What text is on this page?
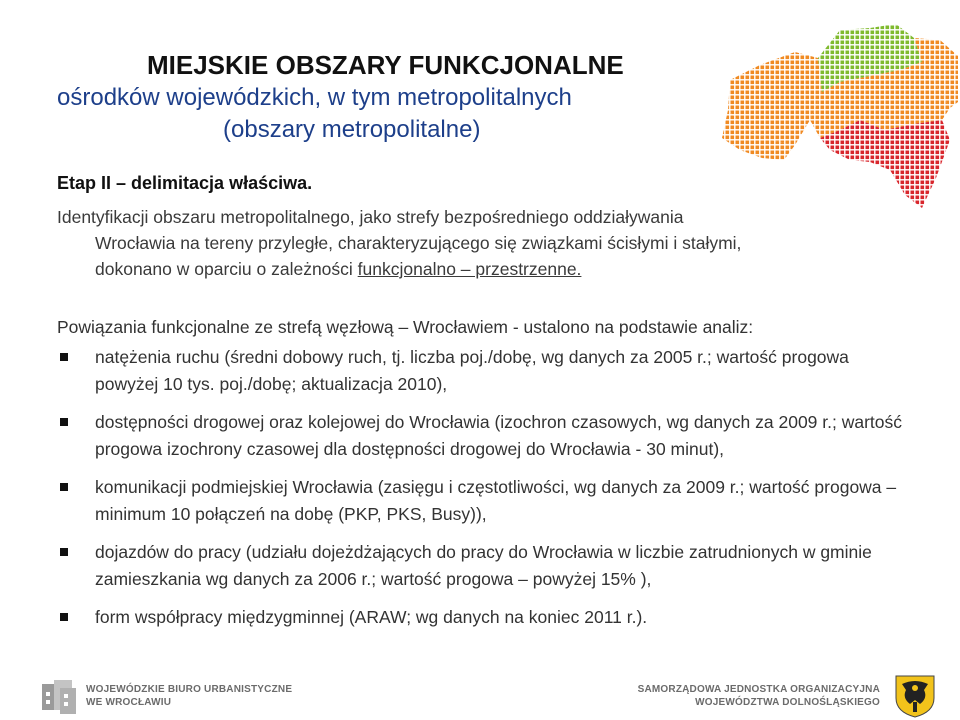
MIEJSKIE OBSZARY FUNKCJONALNE
ośrodków wojewódzkich, w tym metropolitalnych
(obszary metropolitalne)
Etap II – delimitacja właściwa.
Identyfikacji obszaru metropolitalnego, jako strefy bezpośredniego oddziaływania
Wrocławia na tereny przyległe, charakteryzującego się związkami ścisłymi i stałymi,
dokonano w oparciu o zależności funkcjonalno – przestrzenne.
Powiązania funkcjonalne ze strefą węzłową – Wrocławiem - ustalono na podstawie analiz:
natężenia ruchu (średni dobowy ruch, tj. liczba poj./dobę, wg danych za 2005 r.; wartość progowa powyżej 10 tys. poj./dobę; aktualizacja 2010),
dostępności drogowej oraz kolejowej do Wrocławia (izochron czasowych, wg danych za 2009 r.; wartość progowa izochrony czasowej dla dostępności drogowej do Wrocławia - 30 minut),
komunikacji podmiejskiej Wrocławia (zasięgu i częstotliwości, wg danych za 2009 r.; wartość progowa – minimum 10 połączeń na dobę (PKP, PKS, Busy)),
dojazdów do pracy (udziału dojeżdżających do pracy do Wrocławia w liczbie zatrudnionych w gminie zamieszkania wg danych za 2006 r.; wartość progowa – powyżej 15% ),
form współpracy międzygminnej (ARAW; wg danych na koniec 2011 r.).
WOJEWÓDZKIE BIURO URBANISTYCZNE
WE WROCŁAWIU
SAMORZĄDOWA JEDNOSTKA ORGANIZACYJNA
WOJEWÓDZTWA DOLNOŚLĄSKIEGO
